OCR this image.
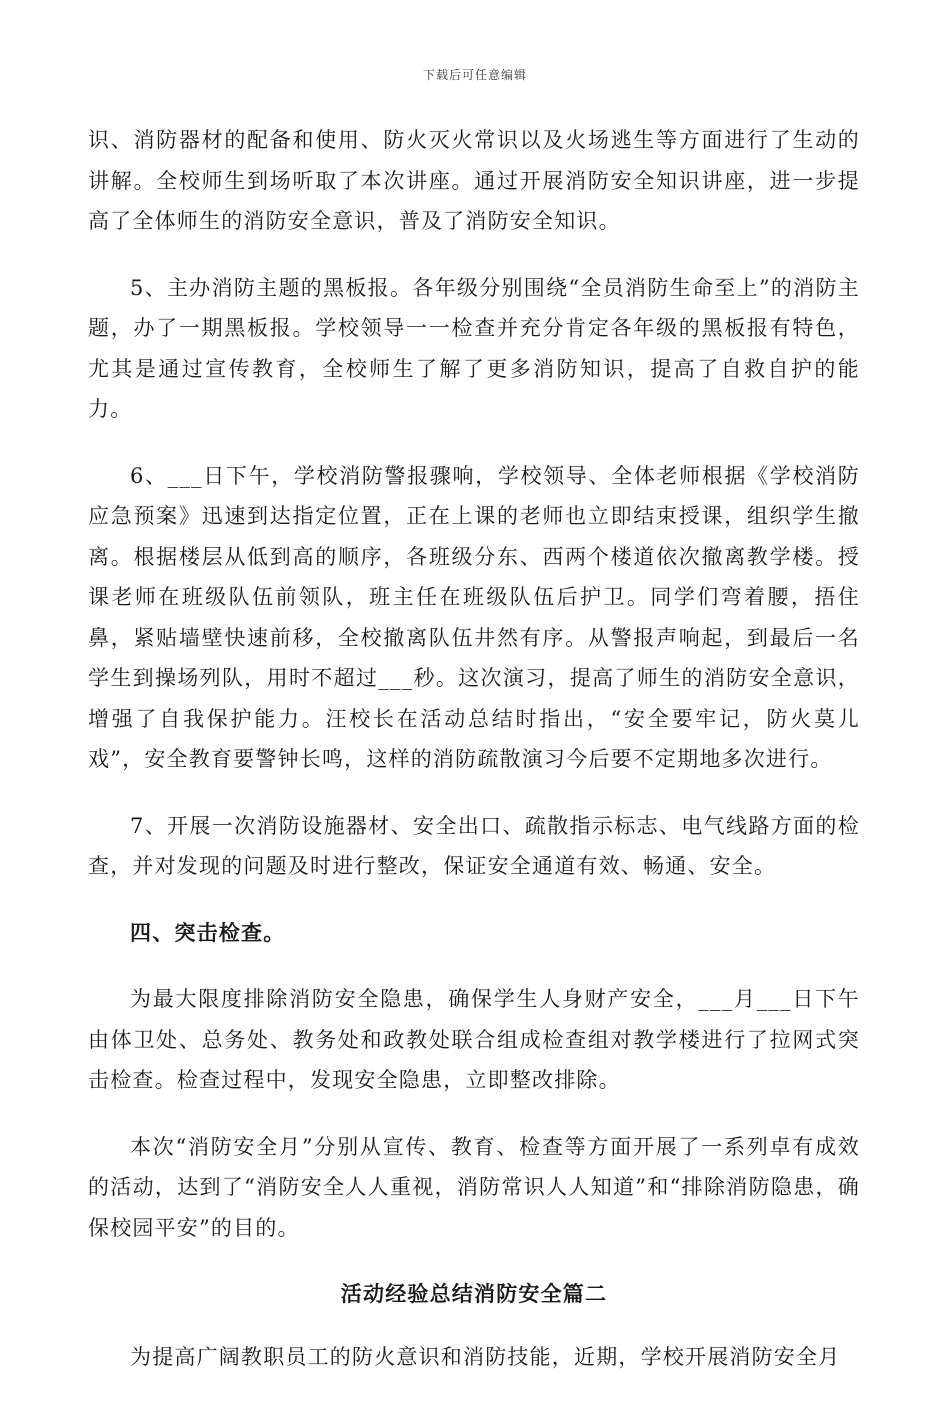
下载后可任意编辑

识、消防器材的配备和使用、防火灭火常识以及火场逃生等方面进行了生动的讲解。全校师生到场听取了本次讲座。通过开展消防安全知识讲座，进一步提高了全体师生的消防安全意识，普及了消防安全知识。

5、主办消防主题的黑板报。各年级分别围绕“全员消防生命至上”的消防主题，办了一期黑板报。学校领导一一检查并充分肯定各年级的黑板报有特色，尤其是通过宣传教育，全校师生了解了更多消防知识，提高了自救自护的能力。

6、___日下午，学校消防警报骤响，学校领导、全体老师根据《学校消防应急预案》迅速到达指定位置，正在上课的老师也立即结束授课，组织学生撤离。根据楼层从低到高的顺序，各班级分东、西两个楼道依次撤离教学楼。授课老师在班级队伍前领队，班主任在班级队伍后护卫。同学们弯着腰，捂住鼻，紧贴墙壁快速前移，全校撤离队伍井然有序。从警报声响起，到最后一名学生到操场列队，用时不超过___秒。这次演习，提高了师生的消防安全意识，增强了自我保护能力。汪校长在活动总结时指出，“安全要牢记，防火莫儿戏”，安全教育要警钟长鸣，这样的消防疏散演习今后要不定期地多次进行。

7、开展一次消防设施器材、安全出口、疏散指示标志、电气线路方面的检查，并对发现的问题及时进行整改，保证安全通道有效、畅通、安全。

四、突击检查。

为最大限度排除消防安全隐患，确保学生人身财产安全，___月___日下午由体卫处、总务处、教务处和政教处联合组成检查组对教学楼进行了拉网式突击检查。检查过程中，发现安全隐患，立即整改排除。

本次“消防安全月”分别从宣传、教育、检查等方面开展了一系列卓有成效的活动，达到了“消防安全人人重视，消防常识人人知道”和“排除消防隐患，确保校园平安”的目的。

活动经验总结消防安全篇二

为提高广阔教职员工的防火意识和消防技能，近期，学校开展消防安全月
